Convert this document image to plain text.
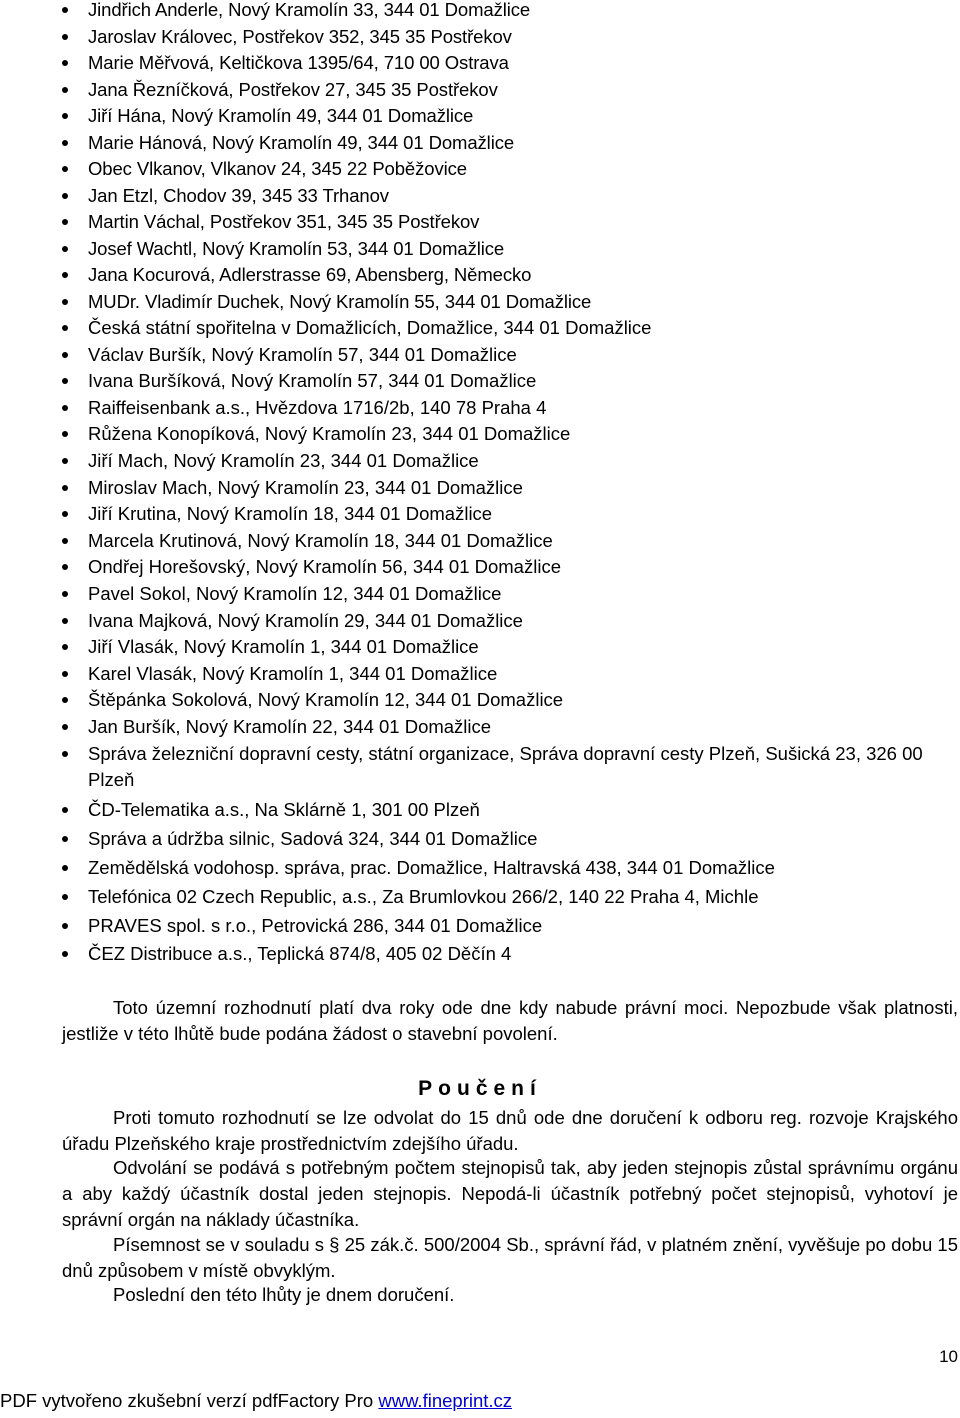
Jindřich Anderle, Nový Kramolín 33, 344 01 Domažlice
Jaroslav Královec, Postřekov 352, 345 35 Postřekov
Marie Měřvová, Keltičkova 1395/64, 710 00 Ostrava
Jana Řezníčková, Postřekov 27, 345 35 Postřekov
Jiří Hána, Nový Kramolín 49, 344 01 Domažlice
Marie Hánová, Nový Kramolín 49, 344 01 Domažlice
Obec Vlkanov, Vlkanov 24, 345 22 Poběžovice
Jan Etzl, Chodov 39, 345 33 Trhanov
Martin Váchal, Postřekov 351, 345 35 Postřekov
Josef Wachtl, Nový Kramolín 53, 344 01 Domažlice
Jana Kocurová, Adlerstrasse 69, Abensberg, Německo
MUDr. Vladimír Duchek, Nový Kramolín 55, 344 01 Domažlice
Česká státní spořitelna v Domažlicích, Domažlice, 344 01 Domažlice
Václav Buršík, Nový Kramolín 57, 344 01 Domažlice
Ivana Buršíková, Nový Kramolín 57, 344 01 Domažlice
Raiffeisenbank a.s., Hvězdova 1716/2b, 140 78 Praha 4
Růžena Konopíková, Nový Kramolín 23, 344 01 Domažlice
Jiří Mach, Nový Kramolín 23, 344 01 Domažlice
Miroslav Mach, Nový Kramolín 23, 344 01 Domažlice
Jiří Krutina, Nový Kramolín 18, 344 01 Domažlice
Marcela Krutinová, Nový Kramolín 18, 344 01 Domažlice
Ondřej Horešovský, Nový Kramolín 56, 344 01 Domažlice
Pavel Sokol, Nový Kramolín 12, 344 01 Domažlice
Ivana Majková, Nový Kramolín 29, 344 01 Domažlice
Jiří Vlasák, Nový Kramolín 1, 344 01 Domažlice
Karel Vlasák, Nový Kramolín 1, 344 01 Domažlice
Štěpánka Sokolová, Nový Kramolín 12, 344 01 Domažlice
Jan Buršík, Nový Kramolín 22, 344 01 Domažlice
Správa železniční dopravní cesty, státní organizace, Správa dopravní cesty Plzeň, Sušická 23, 326 00 Plzeň
ČD-Telematika a.s., Na Sklárně 1, 301 00 Plzeň
Správa a údržba silnic, Sadová 324, 344 01 Domažlice
Zemědělská vodohosp. správa, prac. Domažlice, Haltravská 438, 344 01 Domažlice
Telefónica 02 Czech Republic, a.s., Za Brumlovkou 266/2, 140 22 Praha 4, Michle
PRAVES spol. s r.o., Petrovická 286, 344 01 Domažlice
ČEZ Distribuce a.s., Teplická 874/8, 405 02 Děčín 4

Toto územní rozhodnutí platí dva roky ode dne kdy nabude právní moci. Nepozbude však platnosti, jestliže v této lhůtě bude podána žádost o stavební povolení.

Poučení

Proti tomuto rozhodnutí se lze odvolat do 15 dnů ode dne doručení k odboru reg. rozvoje Krajského úřadu Plzeňského kraje prostřednictvím zdejšího úřadu.

Odvolání se podává s potřebným počtem stejnopisů tak, aby jeden stejnopis zůstal správnímu orgánu a aby každý účastník dostal jeden stejnopis. Nepodá-li účastník potřebný počet stejnopisů, vyhotoví je správní orgán na náklady účastníka.

Písemnost se v souladu s § 25 zák.č. 500/2004 Sb., správní řád, v platném znění, vyvěšuje po dobu 15 dnů způsobem v místě obvyklým.

Poslední den této lhůty je dnem doručení.

10

PDF vytvořeno zkušební verzí pdfFactory Pro www.fineprint.cz
